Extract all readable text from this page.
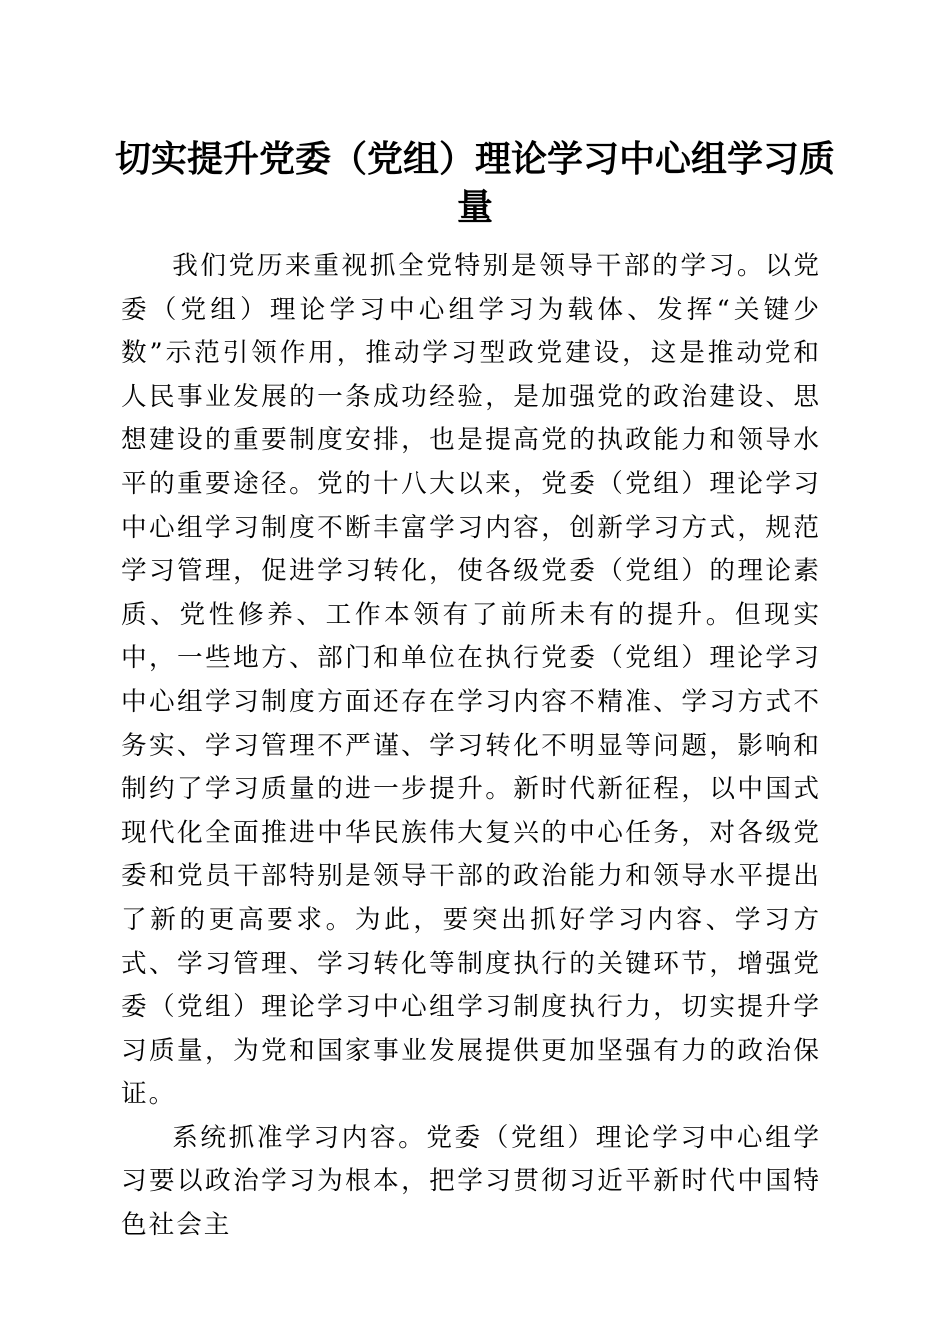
切实提升党委（党组）理论学习中心组学习质量

我们党历来重视抓全党特别是领导干部的学习。以党委（党组）理论学习中心组学习为载体、发挥“关键少数”示范引领作用，推动学习型政党建设，这是推动党和人民事业发展的一条成功经验，是加强党的政治建设、思想建设的重要制度安排，也是提高党的执政能力和领导水平的重要途径。党的十八大以来，党委（党组）理论学习中心组学习制度不断丰富学习内容，创新学习方式，规范学习管理，促进学习转化，使各级党委（党组）的理论素质、党性修养、工作本领有了前所未有的提升。但现实中，一些地方、部门和单位在执行党委（党组）理论学习中心组学习制度方面还存在学习内容不精准、学习方式不务实、学习管理不严谨、学习转化不明显等问题，影响和制约了学习质量的进一步提升。新时代新征程，以中国式现代化全面推进中华民族伟大复兴的中心任务，对各级党委和党员干部特别是领导干部的政治能力和领导水平提出了新的更高要求。为此，要突出抓好学习内容、学习方式、学习管理、学习转化等制度执行的关键环节，增强党委（党组）理论学习中心组学习制度执行力，切实提升学习质量，为党和国家事业发展提供更加坚强有力的政治保证。

系统抓准学习内容。党委（党组）理论学习中心组学习要以政治学习为根本，把学习贯彻习近平新时代中国特色社会主
